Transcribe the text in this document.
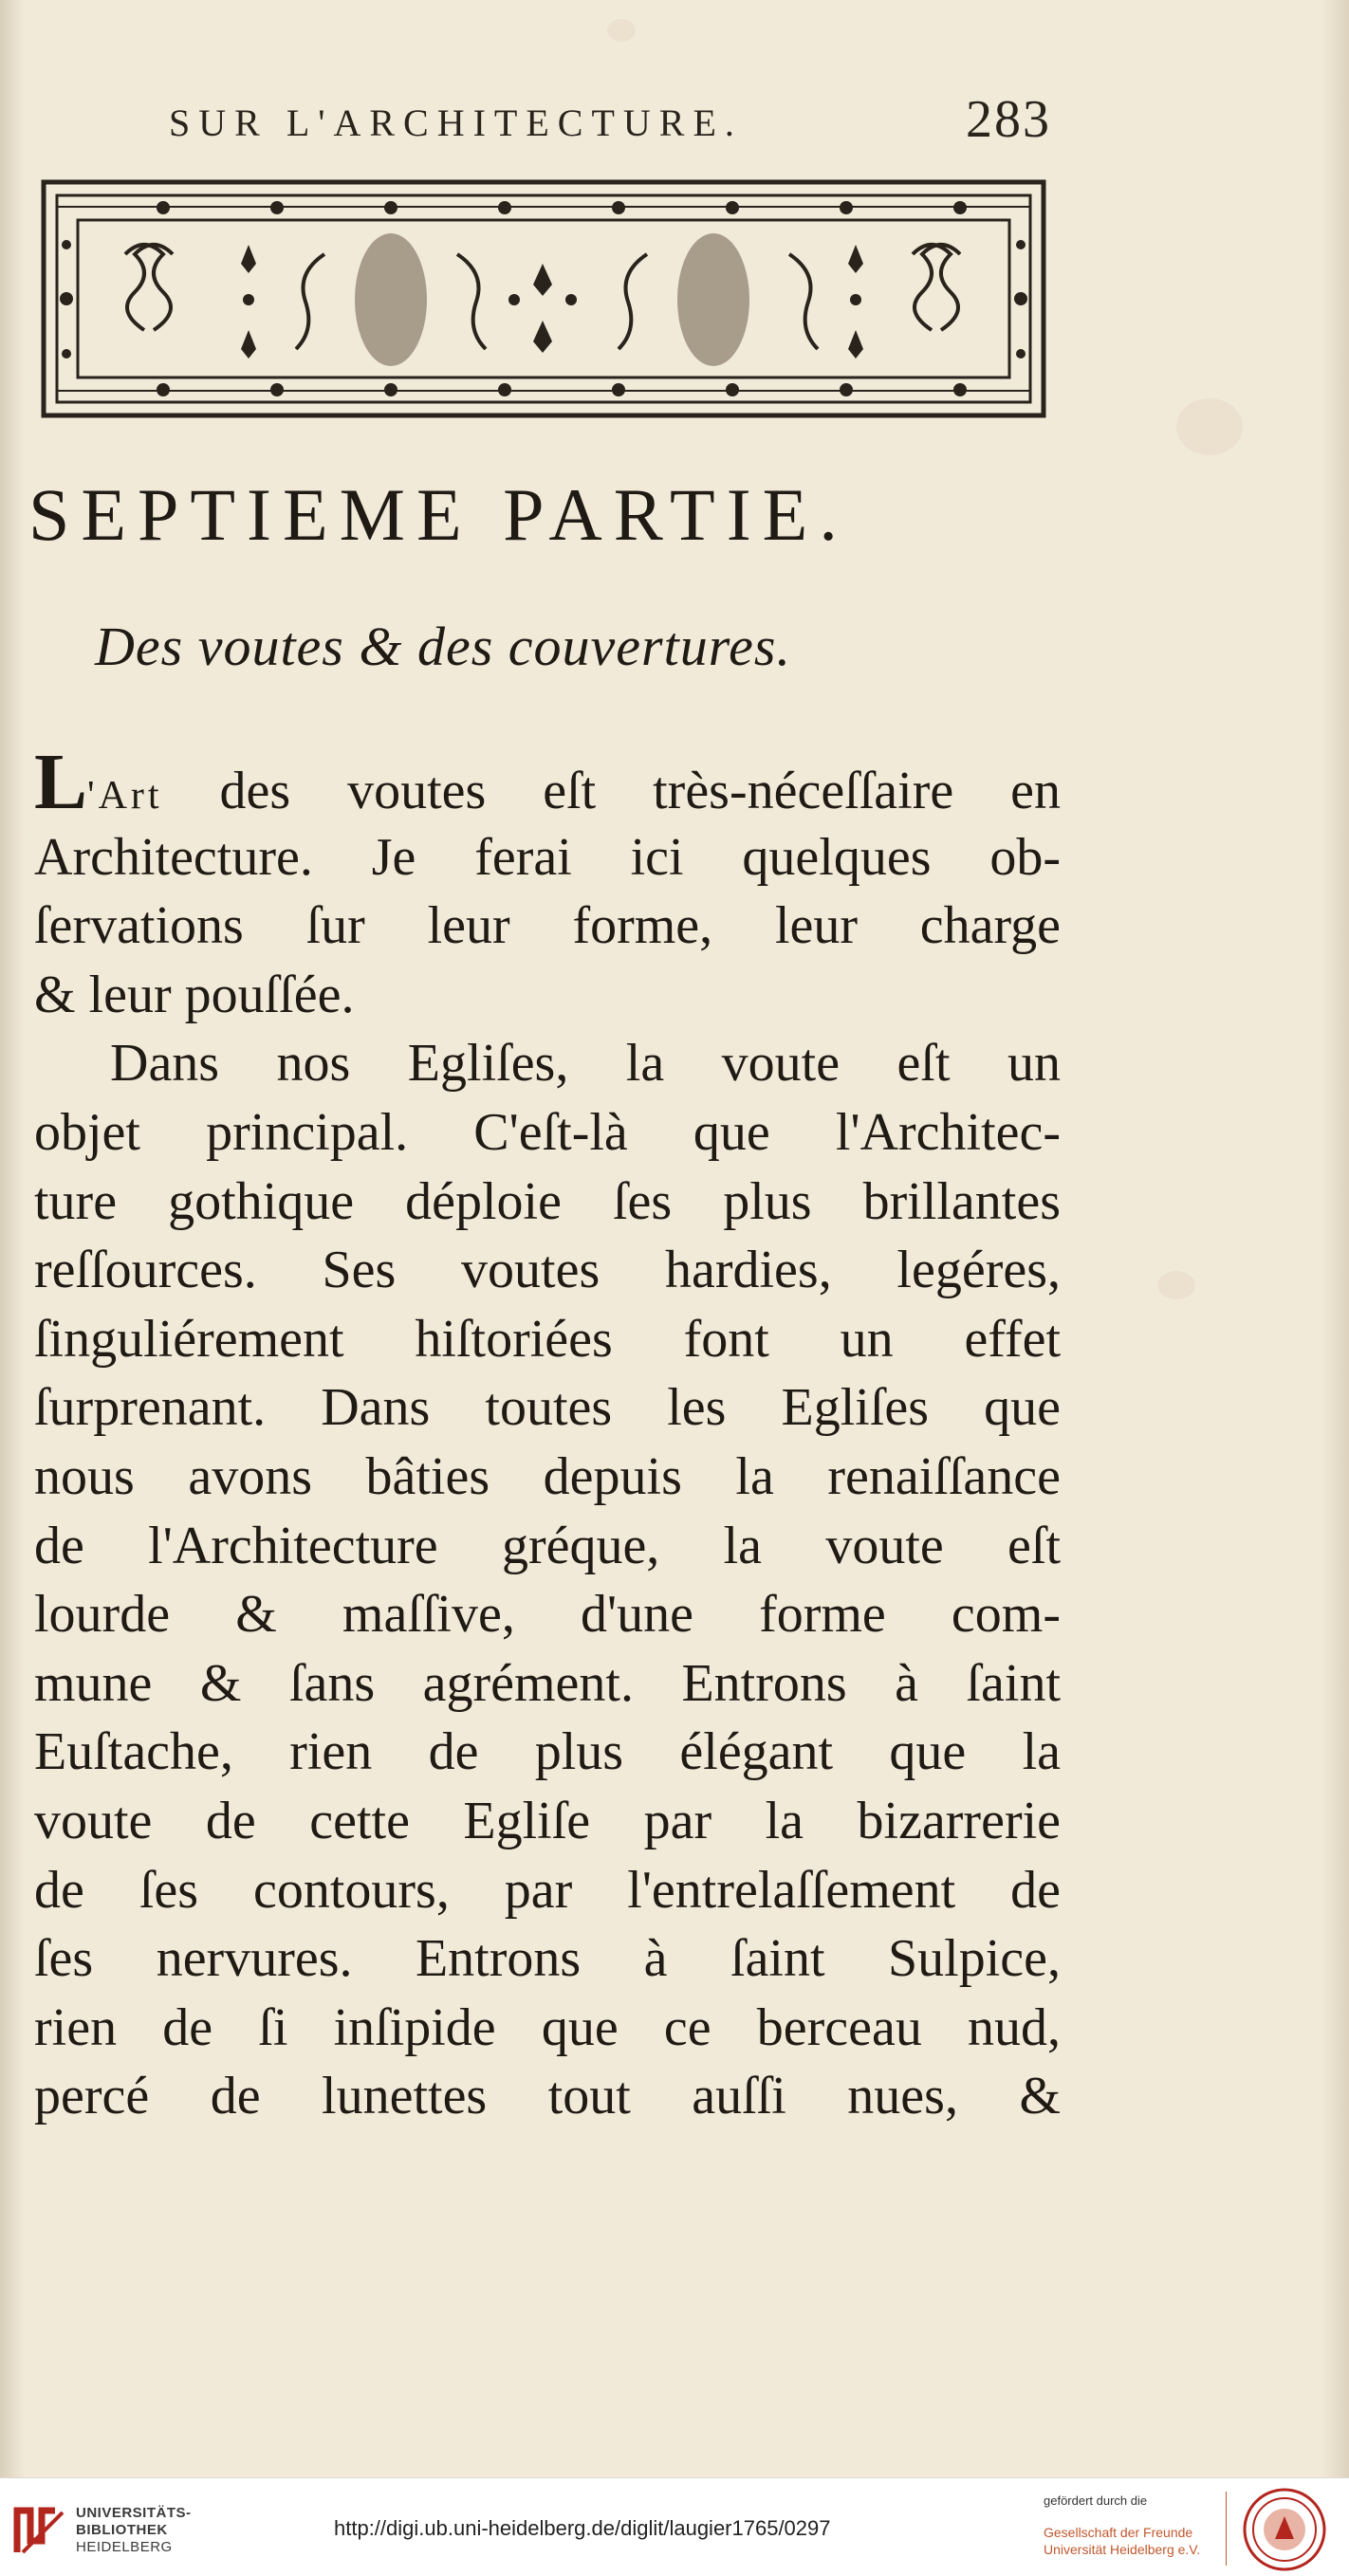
SUR L'ARCHITECTURE.	283
SEPTIEME PARTIE.
Des voutes & des couvertures.
L'Art des voutes eſt très-néceſſaire en
Architecture. Je ferai ici quelques ob-
ſervations ſur leur forme, leur charge
& leur pouſſée.
Dans nos Egliſes, la voute eſt un
objet principal. C'eſt-là que l'Architec-
ture gothique déploie ſes plus brillantes
reſſources. Ses voutes hardies, legéres,
ſinguliérement hiſtoriées font un effet
ſurprenant. Dans toutes les Egliſes que
nous avons bâties depuis la renaiſſance
de l'Architecture gréque, la voute eſt
lourde & maſſive, d'une forme com-
mune & ſans agrément. Entrons à ſaint
Euſtache, rien de plus élégant que la
voute de cette Egliſe par la bizarrerie
de ſes contours, par l'entrelaſſement de
ſes nervures. Entrons à ſaint Sulpice,
rien de ſi inſipide que ce berceau nud,
percé de lunettes tout auſſi nues, &
UNIVERSITÄTS-
BIBLIOTHEK
HEIDELBERG
http://digi.ub.uni-heidelberg.de/diglit/laugier1765/0297
gefördert durch die
Gesellschaft der Freunde
Universität Heidelberg e.V.
